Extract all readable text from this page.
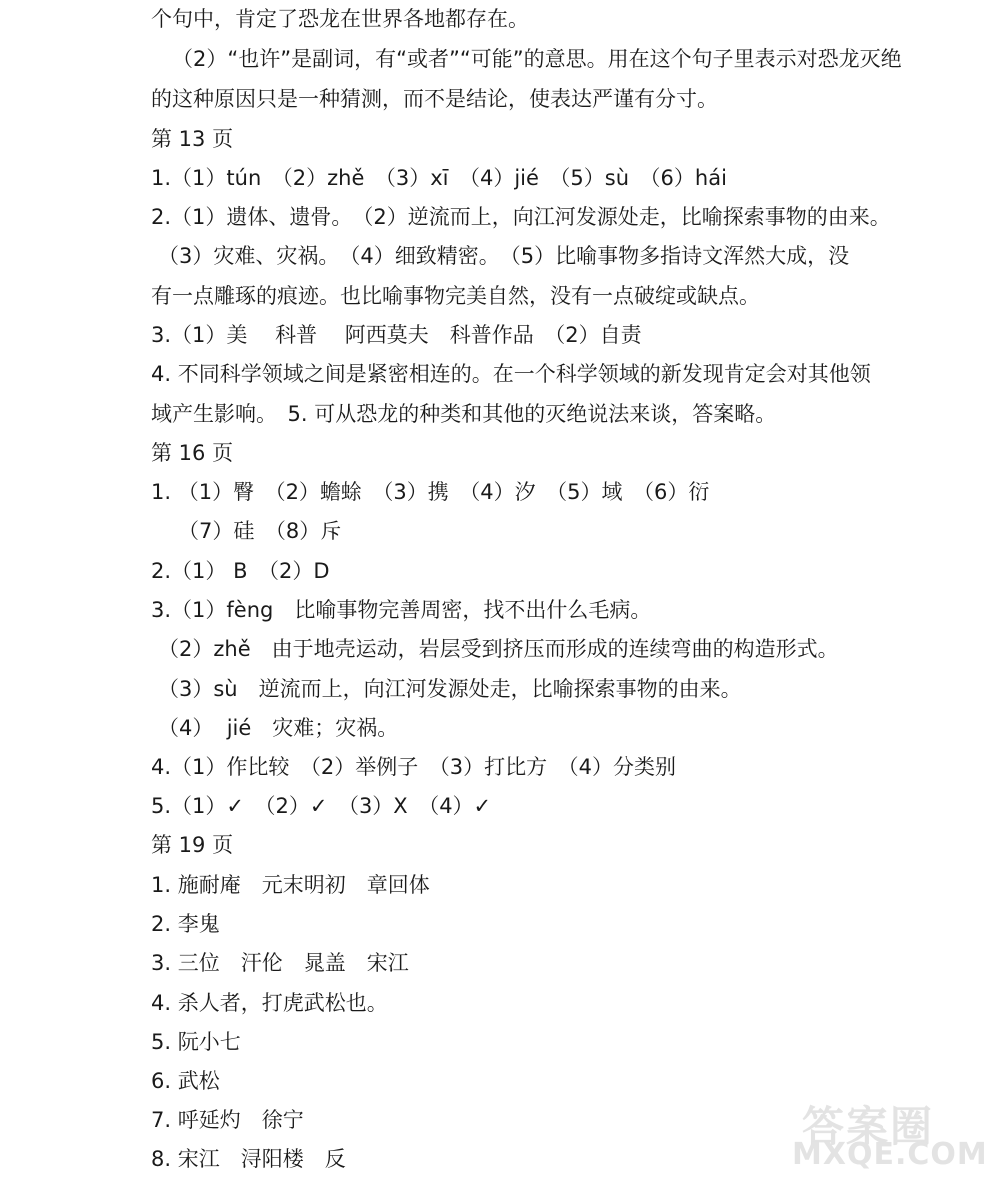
个句中，肯定了恐龙在世界各地都存在。
（2）“也许”是副词，有“或者”“可能”的意思。用在这个句子里表示对恐龙灭绝
的这种原因只是一种猜测，而不是结论，使表达严谨有分寸。
第 13 页
1.（1）tún　（2）zhě　（3）xī　（4）jié　（5）sù　（6）hái
2.（1）遗体、遗骨。　（2）逆流而上，向江河发源处走，比喻探索事物的由来。
（3）灾难、灾祸。　（4）细致精密。　（5）比喻事物多指诗文浑然大成，没
有一点雕琢的痕迹。也比喻事物完美自然，没有一点破绽或缺点。
3.（1）美　 科普　 阿西莫夫　科普作品　（2）自责
4. 不同科学领域之间是紧密相连的。在一个科学领域的新发现肯定会对其他领
域产生影响。　5. 可从恐龙的种类和其他的灭绝说法来谈，答案略。
第 16 页
1. （1）臀　（2）蟾蜍　（3）携　（4）汐　（5）域　（6）衍
（7）硅　（8）斥
2.（1） B　（2）D
3.（1）fèng　比喻事物完善周密，找不出什么毛病。
（2）zhě　由于地壳运动，岩层受到挤压而形成的连续弯曲的构造形式。
（3）sù　逆流而上，向江河发源处走，比喻探索事物的由来。
（4）  jié　灾难；灾祸。
4.（1）作比较　（2）举例子　（3）打比方　（4）分类别
5.（1）✓　（2）✓　（3）X　（4）✓
第 19 页
1. 施耐庵　元末明初　章回体
2. 李鬼
3. 三位　汗伦　晁盖　宋江
4. 杀人者，打虎武松也。
5. 阮小七
6. 武松
7. 呼延灼　徐宁
8. 宋江　浔阳楼　反
答案圈
MXQE.COM
